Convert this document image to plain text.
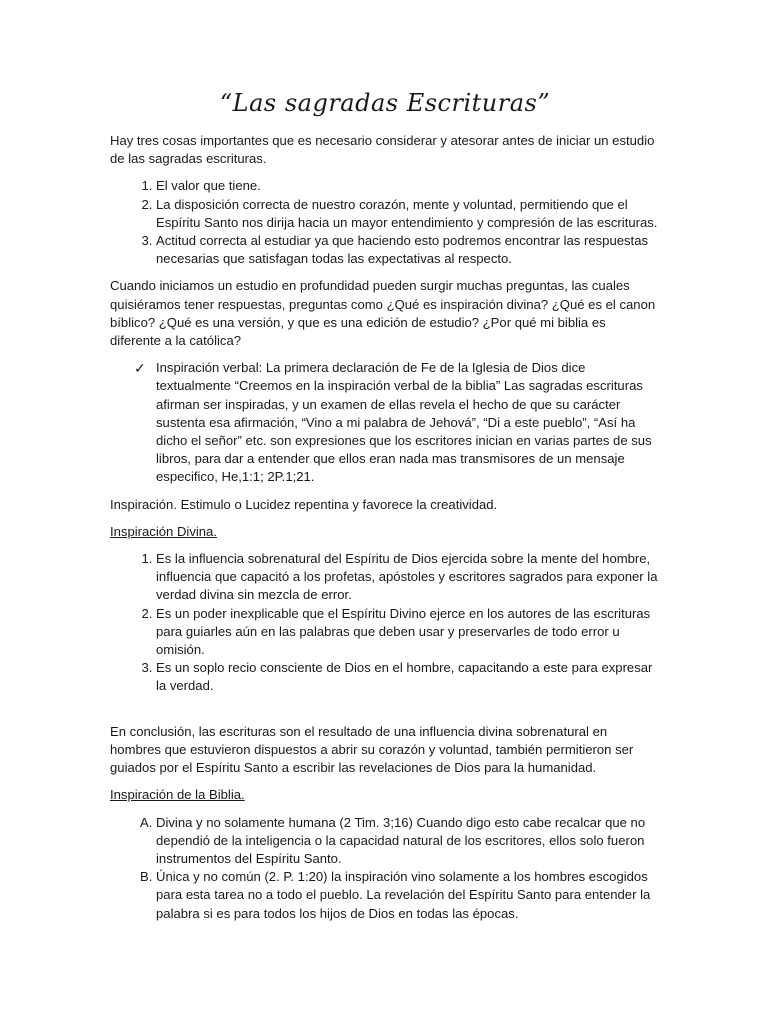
“Las sagradas Escrituras”

Hay tres cosas importantes que es necesario considerar y atesorar antes de iniciar un estudio de las sagradas escrituras.

1. El valor que tiene.
2. La disposición correcta de nuestro corazón, mente y voluntad, permitiendo que el Espíritu Santo nos dirija hacia un mayor entendimiento y compresión de las escrituras.
3. Actitud correcta al estudiar ya que haciendo esto podremos encontrar las respuestas necesarias que satisfagan todas las expectativas al respecto.

Cuando iniciamos un estudio en profundidad pueden surgir muchas preguntas, las cuales quisiéramos tener respuestas, preguntas como ¿Qué es inspiración divina? ¿Qué es el canon bíblico? ¿Qué es una versión, y que es una edición de estudio? ¿Por qué mi biblia es diferente a la católica?

✓ Inspiración verbal: La primera declaración de Fe de la Iglesia de Dios dice textualmente “Creemos en la inspiración verbal de la biblia” Las sagradas escrituras afirman ser inspiradas, y un examen de ellas revela el hecho de que su carácter sustenta esa afirmación, “Vino a mi palabra de Jehová”, “Di a este pueblo”, “Así ha dicho el señor” etc. son expresiones que los escritores inician en varias partes de sus libros, para dar a entender que ellos eran nada mas transmisores de un mensaje especifico, He,1:1; 2P.1;21.

Inspiración. Estimulo o Lucidez repentina y favorece la creatividad.

Inspiración Divina.

1. Es la influencia sobrenatural del Espíritu de Dios ejercida sobre la mente del hombre, influencia que capacitó a los profetas, apóstoles y escritores sagrados para exponer la verdad divina sin mezcla de error.
2. Es un poder inexplicable que el Espíritu Divino ejerce en los autores de las escrituras para guiarles aún en las palabras que deben usar y preservarles de todo error u omisión.
3. Es un soplo recio consciente de Dios en el hombre, capacitando a este para expresar la verdad.

En conclusión, las escrituras son el resultado de una influencia divina sobrenatural en hombres que estuvieron dispuestos a abrir su corazón y voluntad, también permitieron ser guiados por el Espíritu Santo a escribir las revelaciones de Dios para la humanidad.

Inspiración de la Biblia.

A. Divina y no solamente humana (2 Tim. 3;16) Cuando digo esto cabe recalcar que no dependió de la inteligencia o la capacidad natural de los escritores, ellos solo fueron instrumentos del Espíritu Santo.
B. Única y no común (2. P. 1:20) la inspiración vino solamente a los hombres escogidos para esta tarea no a todo el pueblo. La revelación del Espíritu Santo para entender la palabra si es para todos los hijos de Dios en todas las épocas.
